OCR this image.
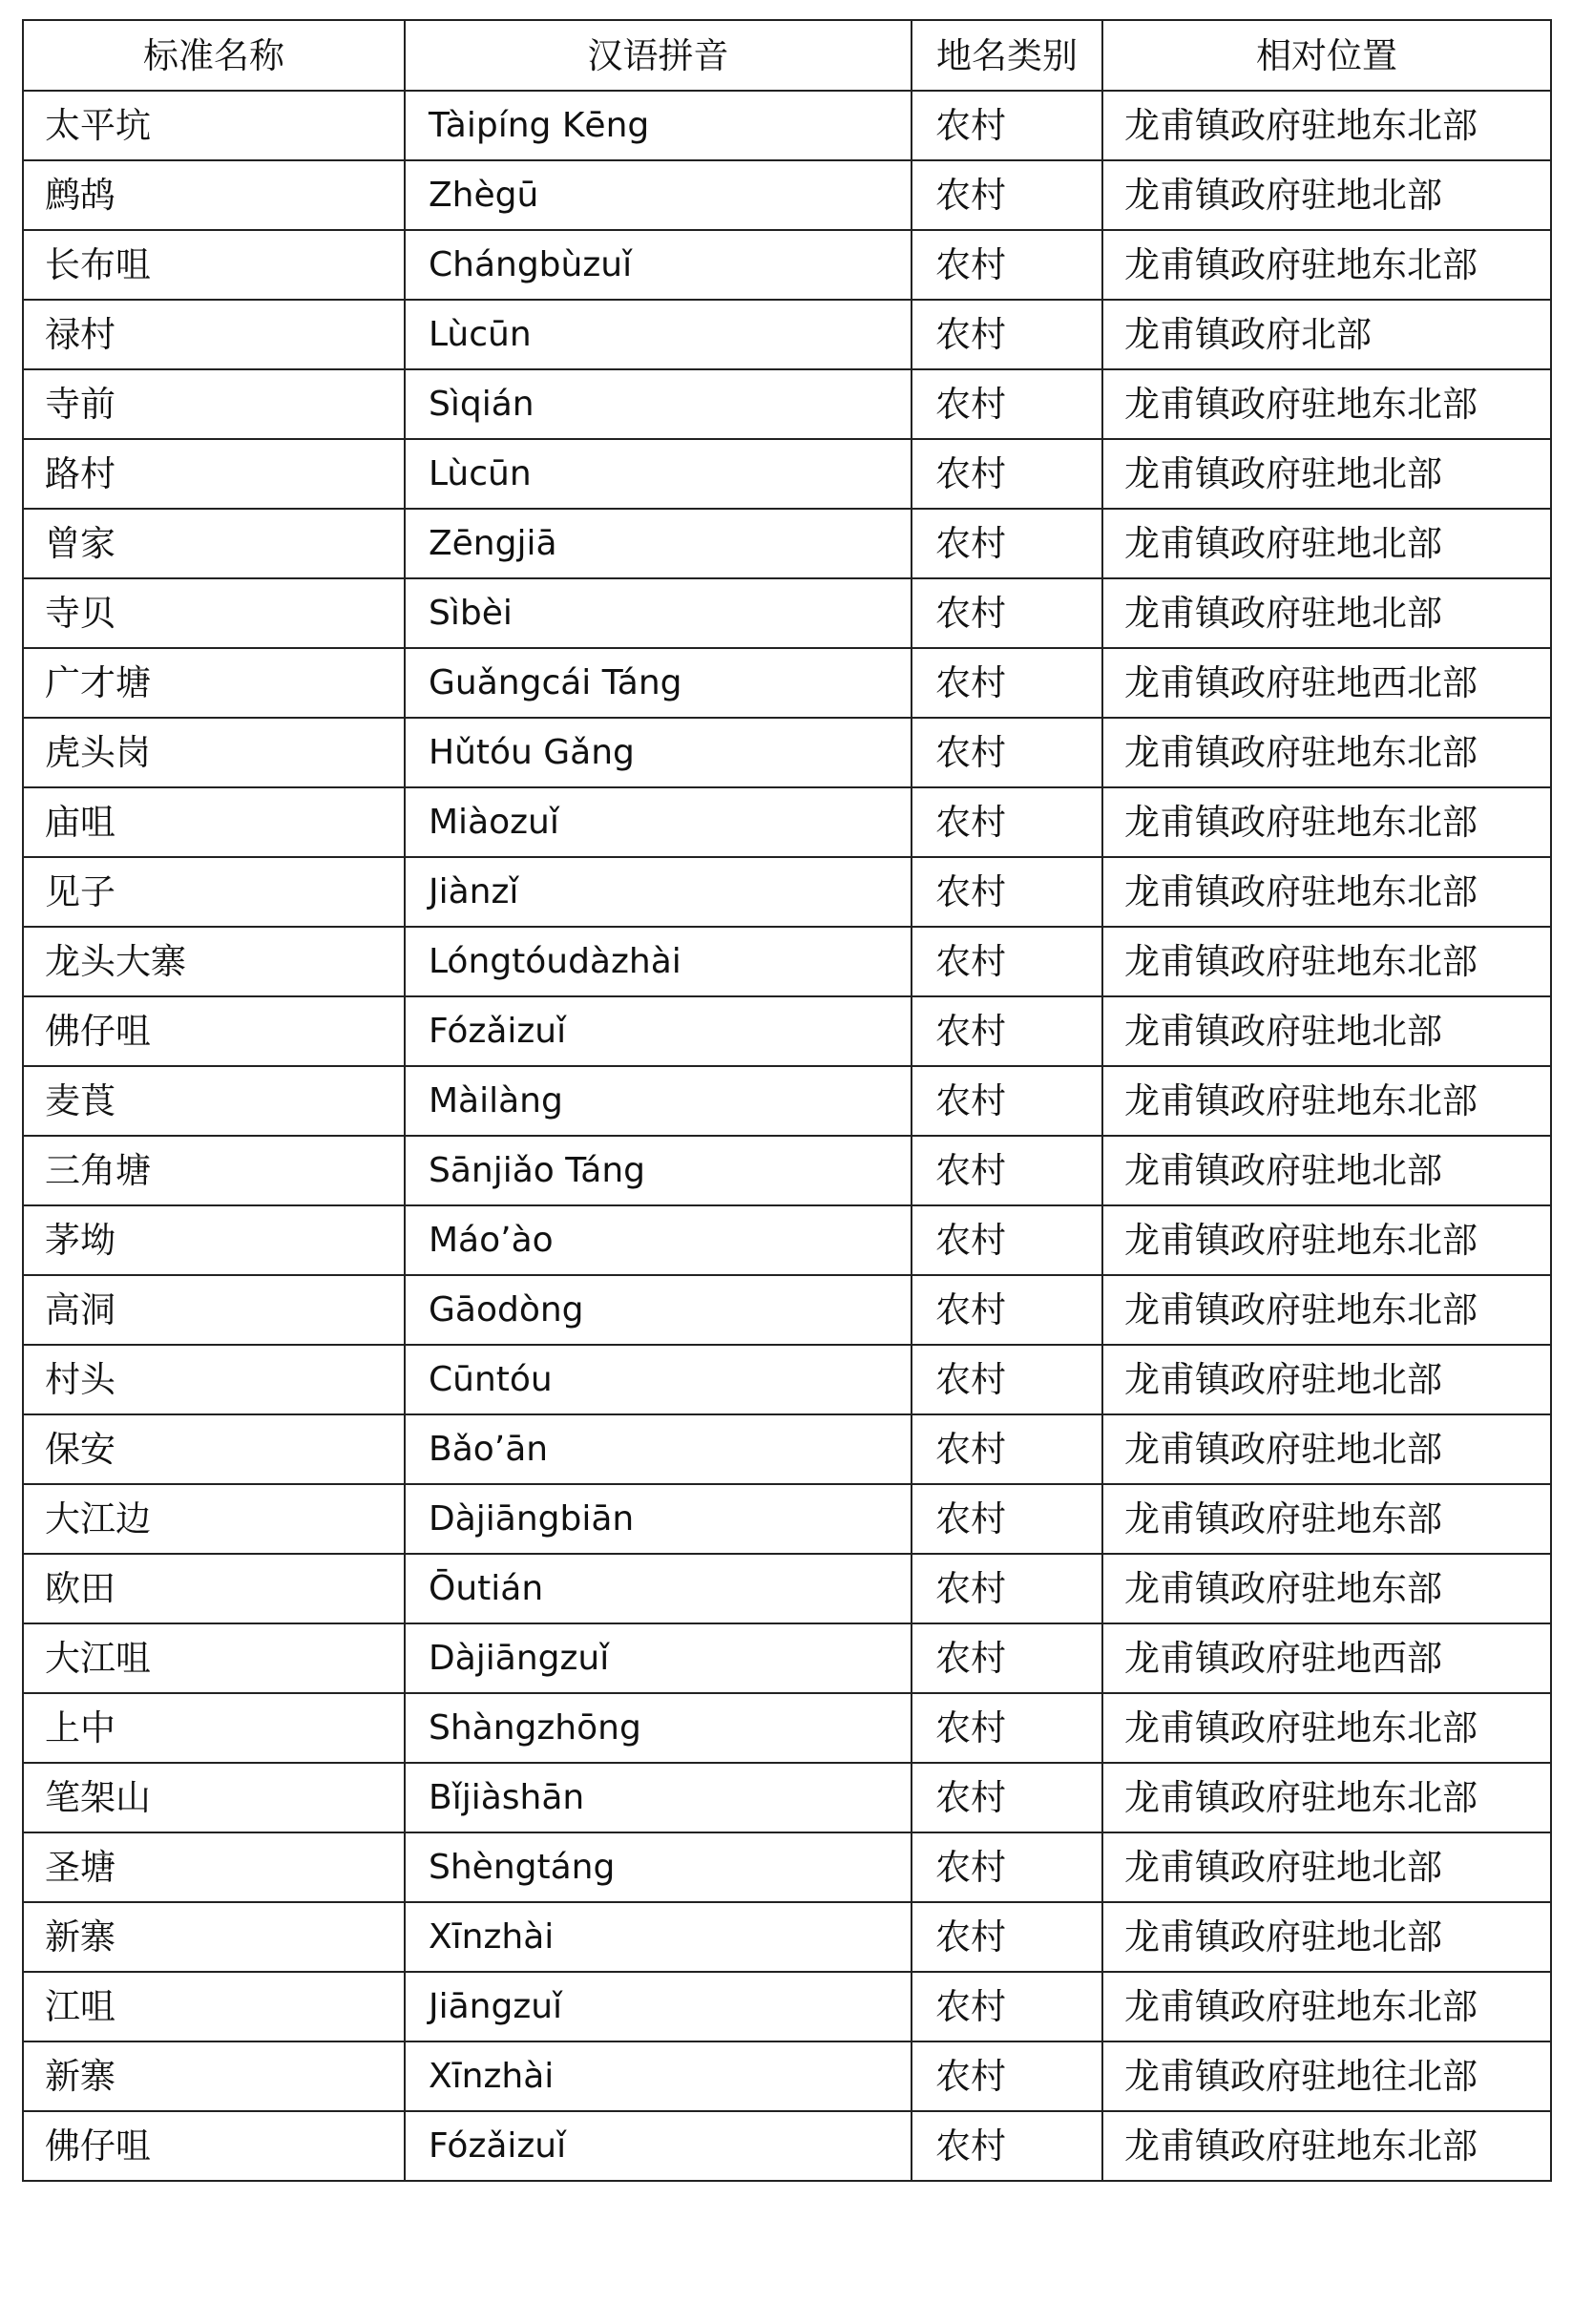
标准名称	汉语拼音	地名类别	相对位置
太平坑	Tàipíng Kēng	农村	龙甫镇政府驻地东北部
鹧鸪	Zhègū	农村	龙甫镇政府驻地北部
长布咀	Chángbùzuǐ	农村	龙甫镇政府驻地东北部
禄村	Lùcūn	农村	龙甫镇政府北部
寺前	Sìqián	农村	龙甫镇政府驻地东北部
路村	Lùcūn	农村	龙甫镇政府驻地北部
曾家	Zēngjiā	农村	龙甫镇政府驻地北部
寺贝	Sìbèi	农村	龙甫镇政府驻地北部
广才塘	Guǎngcái Táng	农村	龙甫镇政府驻地西北部
虎头岗	Hǔtóu Gǎng	农村	龙甫镇政府驻地东北部
庙咀	Miàozuǐ	农村	龙甫镇政府驻地东北部
见子	Jiànzǐ	农村	龙甫镇政府驻地东北部
龙头大寨	Lóngtóudàzhài	农村	龙甫镇政府驻地东北部
佛仔咀	Fózǎizuǐ	农村	龙甫镇政府驻地北部
麦莨	Màilàng	农村	龙甫镇政府驻地东北部
三角塘	Sānjiǎo Táng	农村	龙甫镇政府驻地北部
茅坳	Máo’ào	农村	龙甫镇政府驻地东北部
高洞	Gāodòng	农村	龙甫镇政府驻地东北部
村头	Cūntóu	农村	龙甫镇政府驻地北部
保安	Bǎo’ān	农村	龙甫镇政府驻地北部
大江边	Dàjiāngbiān	农村	龙甫镇政府驻地东部
欧田	Ōutián	农村	龙甫镇政府驻地东部
大江咀	Dàjiāngzuǐ	农村	龙甫镇政府驻地西部
上中	Shàngzhōng	农村	龙甫镇政府驻地东北部
笔架山	Bǐjiàshān	农村	龙甫镇政府驻地东北部
圣塘	Shèngtáng	农村	龙甫镇政府驻地北部
新寨	Xīnzhài	农村	龙甫镇政府驻地北部
江咀	Jiāngzuǐ	农村	龙甫镇政府驻地东北部
新寨	Xīnzhài	农村	龙甫镇政府驻地往北部
佛仔咀	Fózǎizuǐ	农村	龙甫镇政府驻地东北部
